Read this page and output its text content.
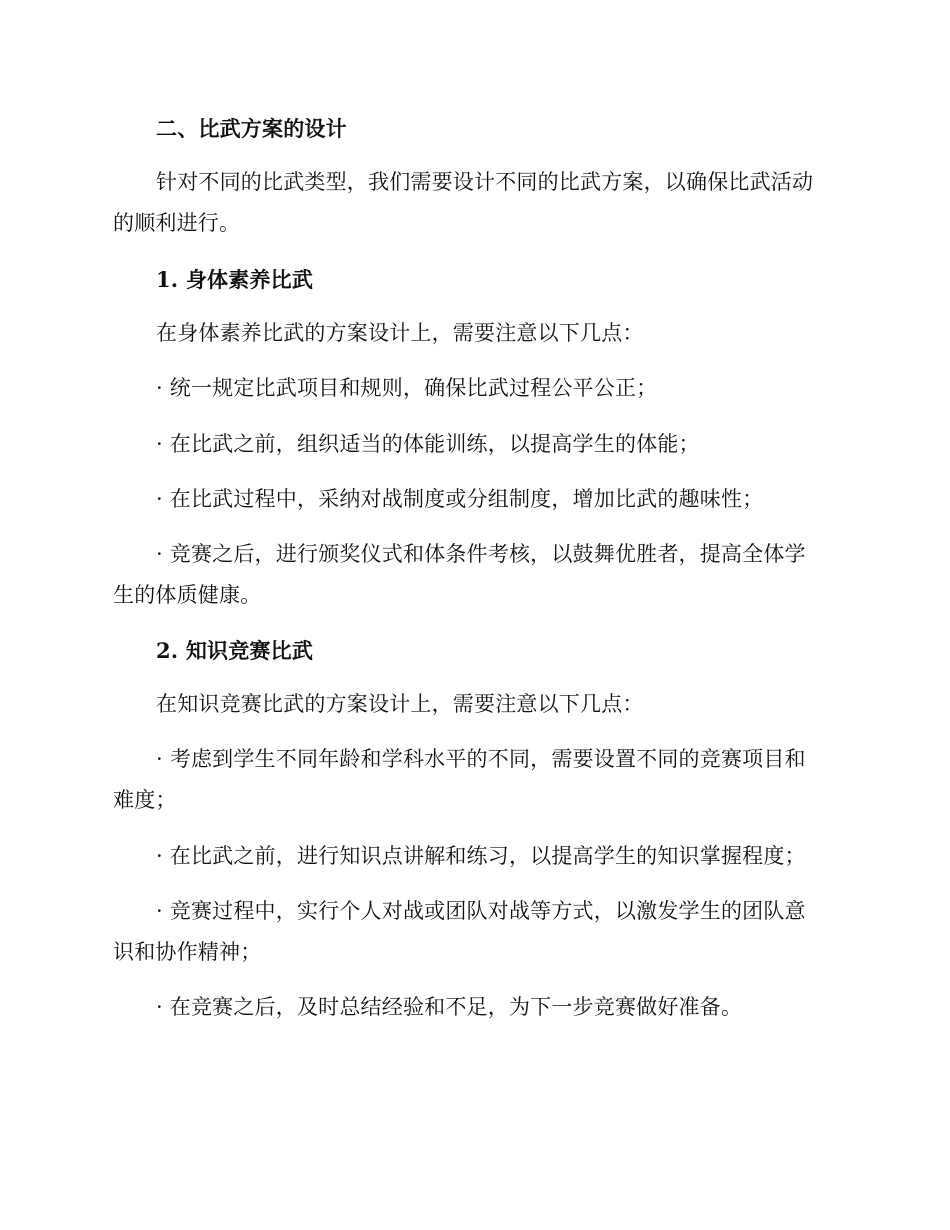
二、比武方案的设计
针对不同的比武类型，我们需要设计不同的比武方案，以确保比武活动
的顺利进行。
1. 身体素养比武
在身体素养比武的方案设计上，需要注意以下几点：
· 统一规定比武项目和规则，确保比武过程公平公正；
· 在比武之前，组织适当的体能训练，以提高学生的体能；
· 在比武过程中，采纳对战制度或分组制度，增加比武的趣味性；
· 竞赛之后，进行颁奖仪式和体条件考核，以鼓舞优胜者，提高全体学
生的体质健康。
2. 知识竞赛比武
在知识竞赛比武的方案设计上，需要注意以下几点：
· 考虑到学生不同年龄和学科水平的不同，需要设置不同的竞赛项目和
难度；
· 在比武之前，进行知识点讲解和练习，以提高学生的知识掌握程度；
· 竞赛过程中，实行个人对战或团队对战等方式，以激发学生的团队意
识和协作精神；
· 在竞赛之后，及时总结经验和不足，为下一步竞赛做好准备。
